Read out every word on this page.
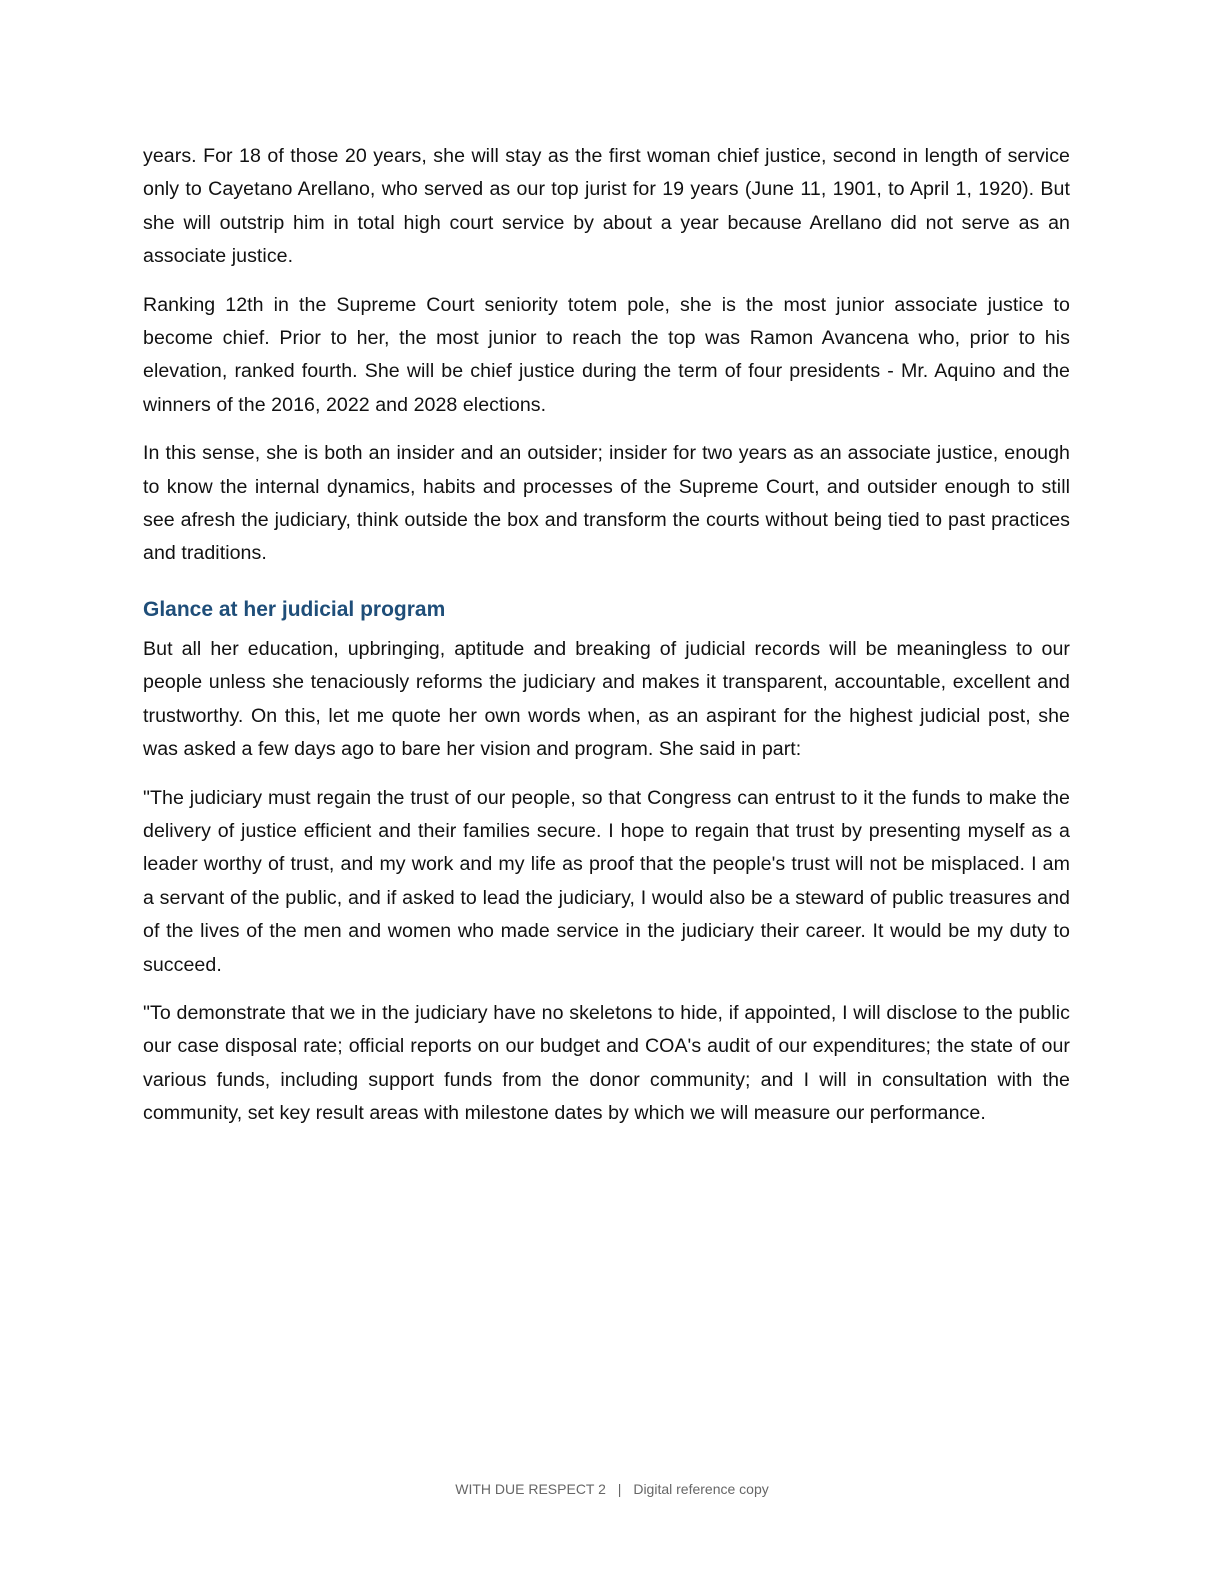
years. For 18 of those 20 years, she will stay as the first woman chief justice, second in length of service only to Cayetano Arellano, who served as our top jurist for 19 years (June 11, 1901, to April 1, 1920). But she will outstrip him in total high court service by about a year because Arellano did not serve as an associate justice.

Ranking 12th in the Supreme Court seniority totem pole, she is the most junior associate justice to become chief. Prior to her, the most junior to reach the top was Ramon Avancena who, prior to his elevation, ranked fourth. She will be chief justice during the term of four presidents - Mr. Aquino and the winners of the 2016, 2022 and 2028 elections.

In this sense, she is both an insider and an outsider; insider for two years as an associate justice, enough to know the internal dynamics, habits and processes of the Supreme Court, and outsider enough to still see afresh the judiciary, think outside the box and transform the courts without being tied to past practices and traditions.

Glance at her judicial program

But all her education, upbringing, aptitude and breaking of judicial records will be meaningless to our people unless she tenaciously reforms the judiciary and makes it transparent, accountable, excellent and trustworthy. On this, let me quote her own words when, as an aspirant for the highest judicial post, she was asked a few days ago to bare her vision and program. She said in part:

"The judiciary must regain the trust of our people, so that Congress can entrust to it the funds to make the delivery of justice efficient and their families secure. I hope to regain that trust by presenting myself as a leader worthy of trust, and my work and my life as proof that the people's trust will not be misplaced. I am a servant of the public, and if asked to lead the judiciary, I would also be a steward of public treasures and of the lives of the men and women who made service in the judiciary their career. It would be my duty to succeed.

"To demonstrate that we in the judiciary have no skeletons to hide, if appointed, I will disclose to the public our case disposal rate; official reports on our budget and COA's audit of our expenditures; the state of our various funds, including support funds from the donor community; and I will in consultation with the community, set key result areas with milestone dates by which we will measure our performance.

WITH DUE RESPECT 2 | Digital reference copy
